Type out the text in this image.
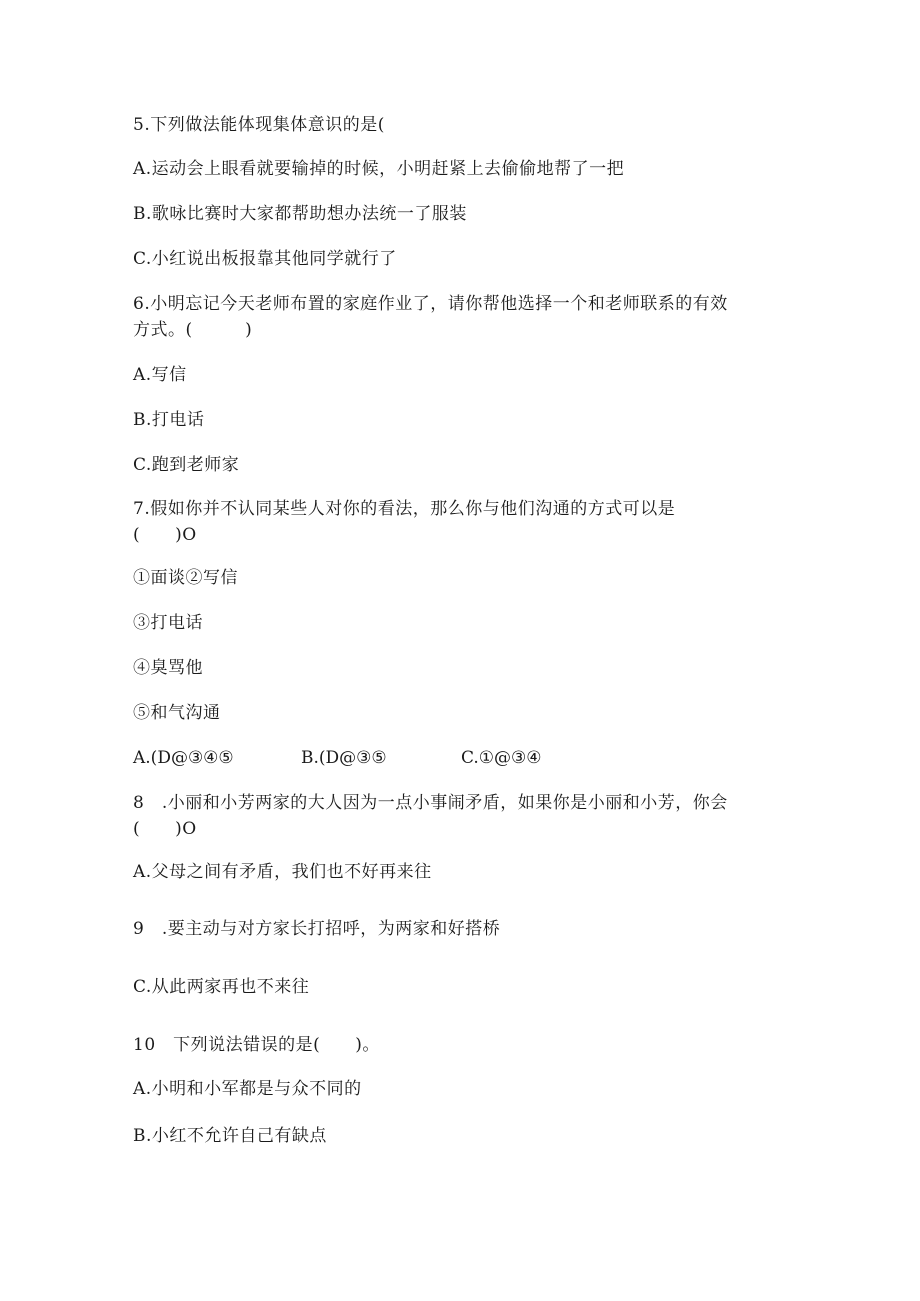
5.下列做法能体现集体意识的是(
A.运动会上眼看就要输掉的时候，小明赶紧上去偷偷地帮了一把
B.歌咏比赛时大家都帮助想办法统一了服装
C.小红说出板报靠其他同学就行了
6.小明忘记今天老师布置的家庭作业了，请你帮他选择一个和老师联系的有效
方式。(　　　)
A.写信
B.打电话
C.跑到老师家
7.假如你并不认同某些人对你的看法，那么你与他们沟通的方式可以是
(　　)O
①面谈②写信
③打电话
④臭骂他
⑤和气沟通
A.(D@③④⑤	B.(D@③⑤	C.①@③④
8　.小丽和小芳两家的大人因为一点小事闹矛盾，如果你是小丽和小芳，你会
(　　)O
A.父母之间有矛盾，我们也不好再来往
9　.要主动与对方家长打招呼，为两家和好搭桥
C.从此两家再也不来往
10　下列说法错误的是(　　)。
A.小明和小军都是与众不同的
B.小红不允许自己有缺点
